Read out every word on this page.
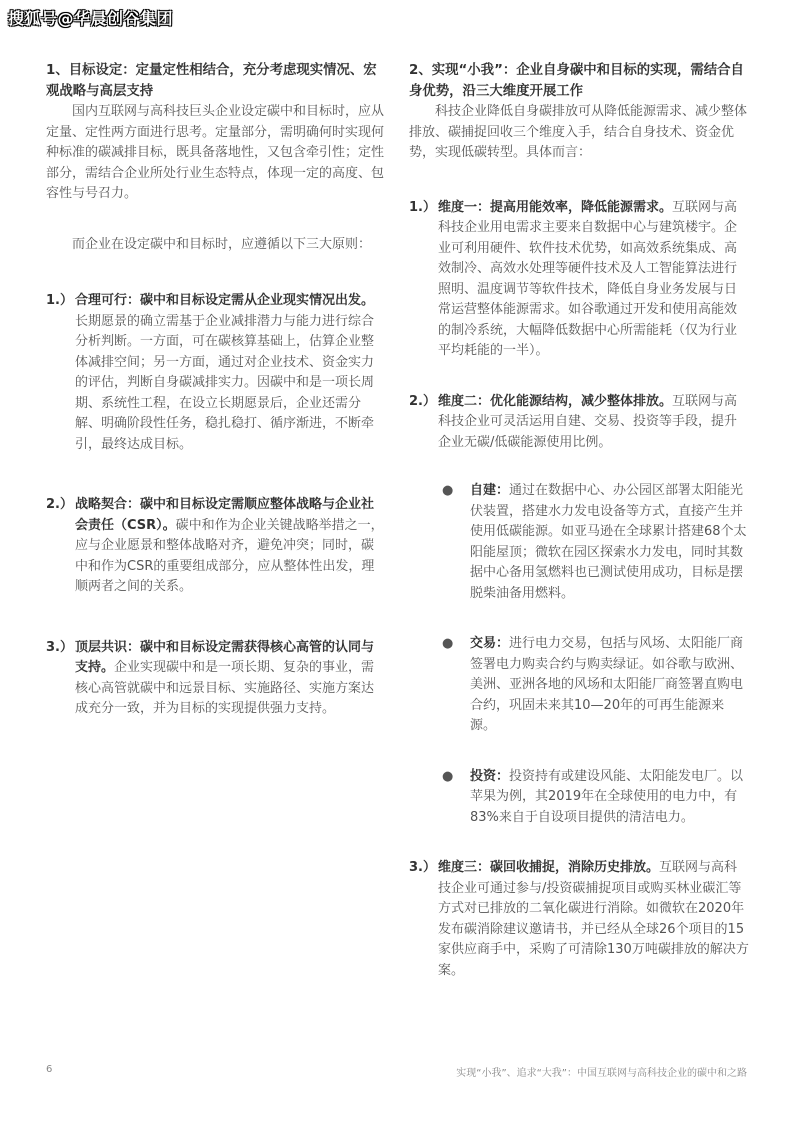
搜狐号@华晨创谷集团

1、目标设定：定量定性相结合，充分考虑现实情况、宏观战略与高层支持

国内互联网与高科技巨头企业设定碳中和目标时，应从定量、定性两方面进行思考。定量部分，需明确何时实现何种标准的碳减排目标，既具备落地性，又包含牵引性；定性部分，需结合企业所处行业生态特点，体现一定的高度、包容性与号召力。

而企业在设定碳中和目标时，应遵循以下三大原则：

1.） 合理可行：碳中和目标设定需从企业现实情况出发。长期愿景的确立需基于企业减排潜力与能力进行综合分析判断。一方面，可在碳核算基础上，估算企业整体减排空间；另一方面，通过对企业技术、资金实力的评估，判断自身碳减排实力。因碳中和是一项长周期、系统性工程，在设立长期愿景后，企业还需分解、明确阶段性任务，稳扎稳打、循序渐进，不断牵引，最终达成目标。
2.） 战略契合：碳中和目标设定需顺应整体战略与企业社会责任（CSR）。碳中和作为企业关键战略举措之一，应与企业愿景和整体战略对齐，避免冲突；同时，碳中和作为CSR的重要组成部分，应从整体性出发，理顺两者之间的关系。
3.） 顶层共识：碳中和目标设定需获得核心高管的认同与支持。企业实现碳中和是一项长期、复杂的事业，需核心高管就碳中和远景目标、实施路径、实施方案达成充分一致，并为目标的实现提供强力支持。

2、实现“小我”：企业自身碳中和目标的实现，需结合自身优势，沿三大维度开展工作

科技企业降低自身碳排放可从降低能源需求、减少整体排放、碳捕捉回收三个维度入手，结合自身技术、资金优势，实现低碳转型。具体而言：

1.） 维度一：提高用能效率，降低能源需求。互联网与高科技企业用电需求主要来自数据中心与建筑楼宇。企业可利用硬件、软件技术优势，如高效系统集成、高效制冷、高效水处理等硬件技术及人工智能算法进行照明、温度调节等软件技术，降低自身业务发展与日常运营整体能源需求。如谷歌通过开发和使用高能效的制冷系统，大幅降低数据中心所需能耗（仅为行业平均耗能的一半）。
2.） 维度二：优化能源结构，减少整体排放。互联网与高科技企业可灵活运用自建、交易、投资等手段，提升企业无碳/低碳能源使用比例。
●	自建：通过在数据中心、办公园区部署太阳能光伏装置，搭建水力发电设备等方式，直接产生并使用低碳能源。如亚马逊在全球累计搭建68个太阳能屋顶；微软在园区探索水力发电，同时其数据中心备用氢燃料也已测试使用成功，目标是摆脱柴油备用燃料。
●	交易：进行电力交易，包括与风场、太阳能厂商签署电力购卖合约与购卖绿证。如谷歌与欧洲、美洲、亚洲各地的风场和太阳能厂商签署直购电合约，巩固未来其10—20年的可再生能源来源。
●	投资：投资持有或建设风能、太阳能发电厂。以苹果为例，其2019年在全球使用的电力中，有83%来自于自设项目提供的清洁电力。
3.） 维度三：碳回收捕捉，消除历史排放。互联网与高科技企业可通过参与/投资碳捕捉项目或购买林业碳汇等方式对已排放的二氧化碳进行消除。如微软在2020年发布碳消除建议邀请书，并已经从全球26个项目的15 家供应商手中，采购了可清除130万吨碳排放的解决方案。
6	实现“小我”、追求“大我”：中国互联网与高科技企业的碳中和之路
